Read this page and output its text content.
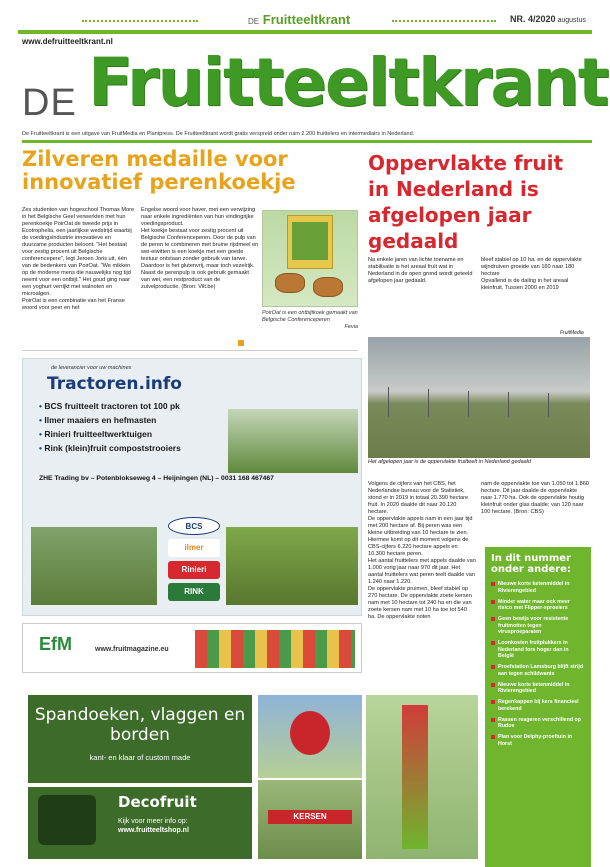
DE Fruitteeltkrant	NR. 4/2020 augustus
www.defruitteeltkrant.nl
DE Fruitteeltkrant
De Fruitteeltkrant is een uitgave van FruitMedia en Plantpress. De Fruitteeltkrant wordt gratis verspreid onder ruim 2.200 fruittelers en intermediairs in Nederland.
Zilveren medaille voor innovatief perenkoekje
Zes studenten van hogeschool Thomas More in het Belgische Geel verwerkten met hun perenkoekje PoirOat de tweede prijs in Ecotrophelia, een jaarlijkse wedstrijd waarbij de voedingsindustrie innovatieve en duurzame producten beloont. "Het bestaat voor zestig procent uit Belgische conferencepere", legt Jeroen Joris uit, één van de bedenkers van PoirOat. "We mikken op de moderne mens die nauwelijks nog tijd neemt voor een ontbijt." Het goud ging naar een yoghurt verrijkt met walnoten en microalgen.
PoirOat is een combinatie van het Franse woord voor peer en het
Engelse woord voor haver, met een verwijzing naar enkele ingrediënten van hun vindingrijke voedingsproduct.
Het koekje bestaat voor zestig procent uit Belgische Conferenceperen. Door de pulp van de peren te combineren met bruine rijstmeel en wei-eiwitten is een koekje met een goede textuur ontstaan zonder gebruik van tarwe. Daardoor is het glutenvrij, maar toch vezelrijk. Naast de perenpulp is ook gebruik gemaakt van wei, een restproduct van de zuivelproductie. (Bron: Vilt.be)
PoirOat is een ontbijtkoek gemaakt van Belgische Conferenceperen

Fevia
Oppervlakte fruit in Nederland is afgelopen jaar gedaald
Na enkele jaren van lichte toename en stabilisatie is het areaal fruit wat in Nederland in de open grond wordt geteeld afgelopen jaar gedaald.
bleef stabiel op 10 ha. en de oppervlakte wijndruiven groeide van 160 naar 180 hectare
Opvallend is de daling in het areaal kleinfruit. Tussen 2000 en 2019
FruitMedia
Het afgelopen jaar is de oppervlakte fruitteelt in Nederland gedaald
Volgens de cijfers van het CBS, het Nederlandse bureau voor de Statistiek, stond er in 2019 in totaal 20.390 hectare fruit. In 2020 daalde dit naar 20.120 hectare.
De oppervlakte appels nam in een jaar tijd met 200 hectare af. Bij peren was een kleine uitbreiding van 10 hectare te zien. Hiermee komt op dit moment volgens de CBS-cijfers 6.220 hectare appels en 10.300 hectare peren.
Het aantal fruittelers met appels daalde van 1.000 vorig jaar naar 970 dit jaar. Het aantal fruittelers wat peren teelt daalde van 1.240 naar 1.220.
De oppervlakte pruimen, bleef stabiel op 270 hectare. De oppervlakte zoete kersen nam met 10 hectare tot 240 ha en die van zoete kersen nam met 10 ha toe tot 540 ha. De oppervlakte noten
nam de oppervlakte toe van 1.050 tot 1.860 hectare. Dit jaar daalde de oppervlakte naar 1.770 ha. Ook de oppervlakte houtig kleinfruit onder glas daalde; van 120 naar 100 hectare. (Bron: CBS)
In dit nummer onder andere:
Nieuwe korte ketenmiddel in Rivierengebied
Minder water maar ook meer risico met Flipper-sproeiers
Geen bewijs voor resistente fruitmotten tegen virusproeparaten
Loonkosten fruitplukkers in Nederland fors hoger dan in België
Proefstation Lamsburg blijft strijd aan tegen schildwants
Nieuwe korte ketenmiddel in Rivierengebied
Regenkappen bij kers financieel berekend
Rassen reageren verschillend op Rudos
Plan voor Delphy-proeftuin in Horst
de leverancier voor uw machines
Tractoren.info
• BCS fruitteelt tractoren tot 100 pk
• Ilmer maaiers en hefmasten
• Rinieri fruitteeltwerktuigen
• Rink (klein)fruit compoststrooiers
ZHE Trading bv – Potenblokseweg 4 – Heijningen (NL) – 0031 168 467467
BCS
ilmer
Rinieri
RINK
EfM	www.fruitmagazine.eu
Spandoeken, vlaggen en borden
kant- en klaar of custom made
Decofruit
Kijk voor meer info op:
www.fruitteeltshop.nl
KERSEN
